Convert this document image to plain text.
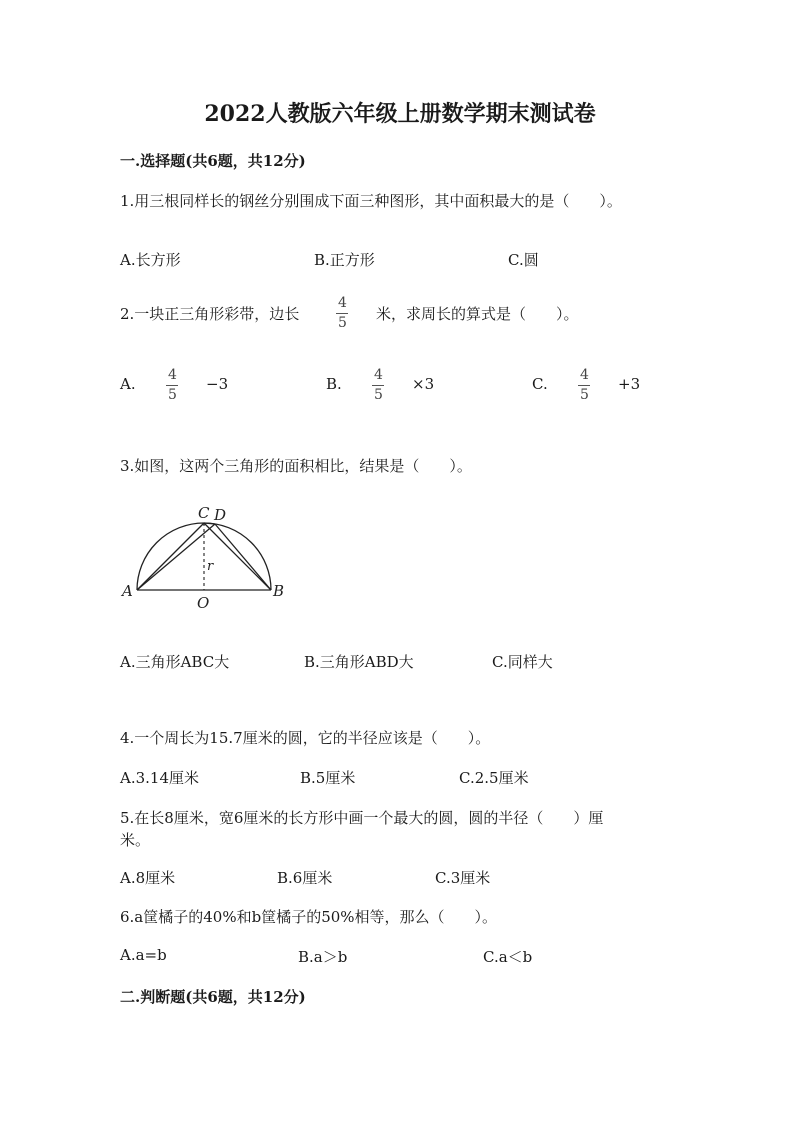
2022人教版六年级上册数学期末测试卷
一.选择题(共6题，共12分)
1.用三根同样长的钢丝分别围成下面三种图形，其中面积最大的是（　　）。
A.长方形	B.正方形	C.圆
2.一块正三角形彩带，边长
4
5 米，求周长的算式是（　　）。
A. 4
5
−3	B. 4
5
×3	C. 4
5
+3
3.如图，这两个三角形的面积相比，结果是（　　）。
C D
A	B
O
r
A.三角形ABC大	B.三角形ABD大	C.同样大
4.一个周长为15.7厘米的圆，它的半径应该是（　　）。
A.3.14厘米	B.5厘米	C.2.5厘米
5.在长8厘米，宽6厘米的长方形中画一个最大的圆，圆的半径（　　）厘
米。
A.8厘米	B.6厘米	C.3厘米
6.a筐橘子的40%和b筐橘子的50%相等，那么（　　）。
A.a=b	B.a＞b	C.a＜b
二.判断题(共6题，共12分)
